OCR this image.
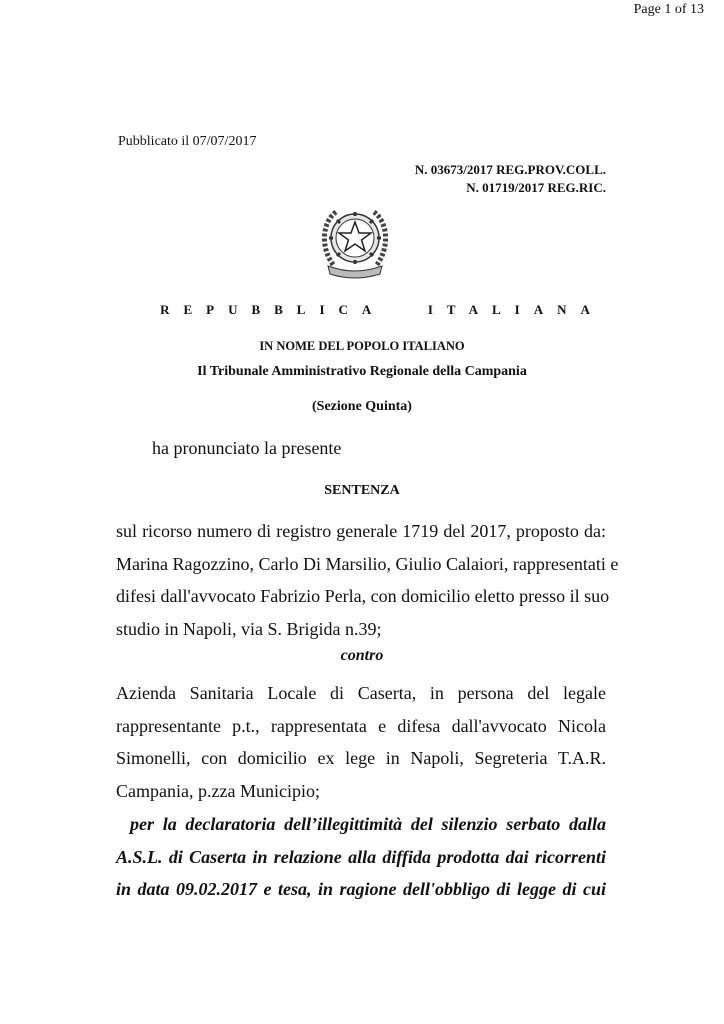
Page 1 of 13
Pubblicato il 07/07/2017
N. 03673/2017 REG.PROV.COLL.
N. 01719/2017 REG.RIC.
REPUBBLICA ITALIANA
IN NOME DEL POPOLO ITALIANO
Il Tribunale Amministrativo Regionale della Campania
(Sezione Quinta)
ha pronunciato la presente
SENTENZA
sul ricorso numero di registro generale 1719 del 2017, proposto da:
Marina Ragozzino, Carlo Di Marsilio, Giulio Calaiori, rappresentati e
difesi dall'avvocato Fabrizio Perla, con domicilio eletto presso il suo
studio in Napoli, via S. Brigida n.39;
contro
Azienda Sanitaria Locale di Caserta, in persona del legale
rappresentante p.t., rappresentata e difesa dall'avvocato Nicola
Simonelli, con domicilio ex lege in Napoli, Segreteria T.A.R.
Campania, p.zza Municipio;
per la declaratoria dell’illegittimità del silenzio serbato dalla
A.S.L. di Caserta in relazione alla diffida prodotta dai ricorrenti
in data 09.02.2017 e tesa, in ragione dell'obbligo di legge di cui
